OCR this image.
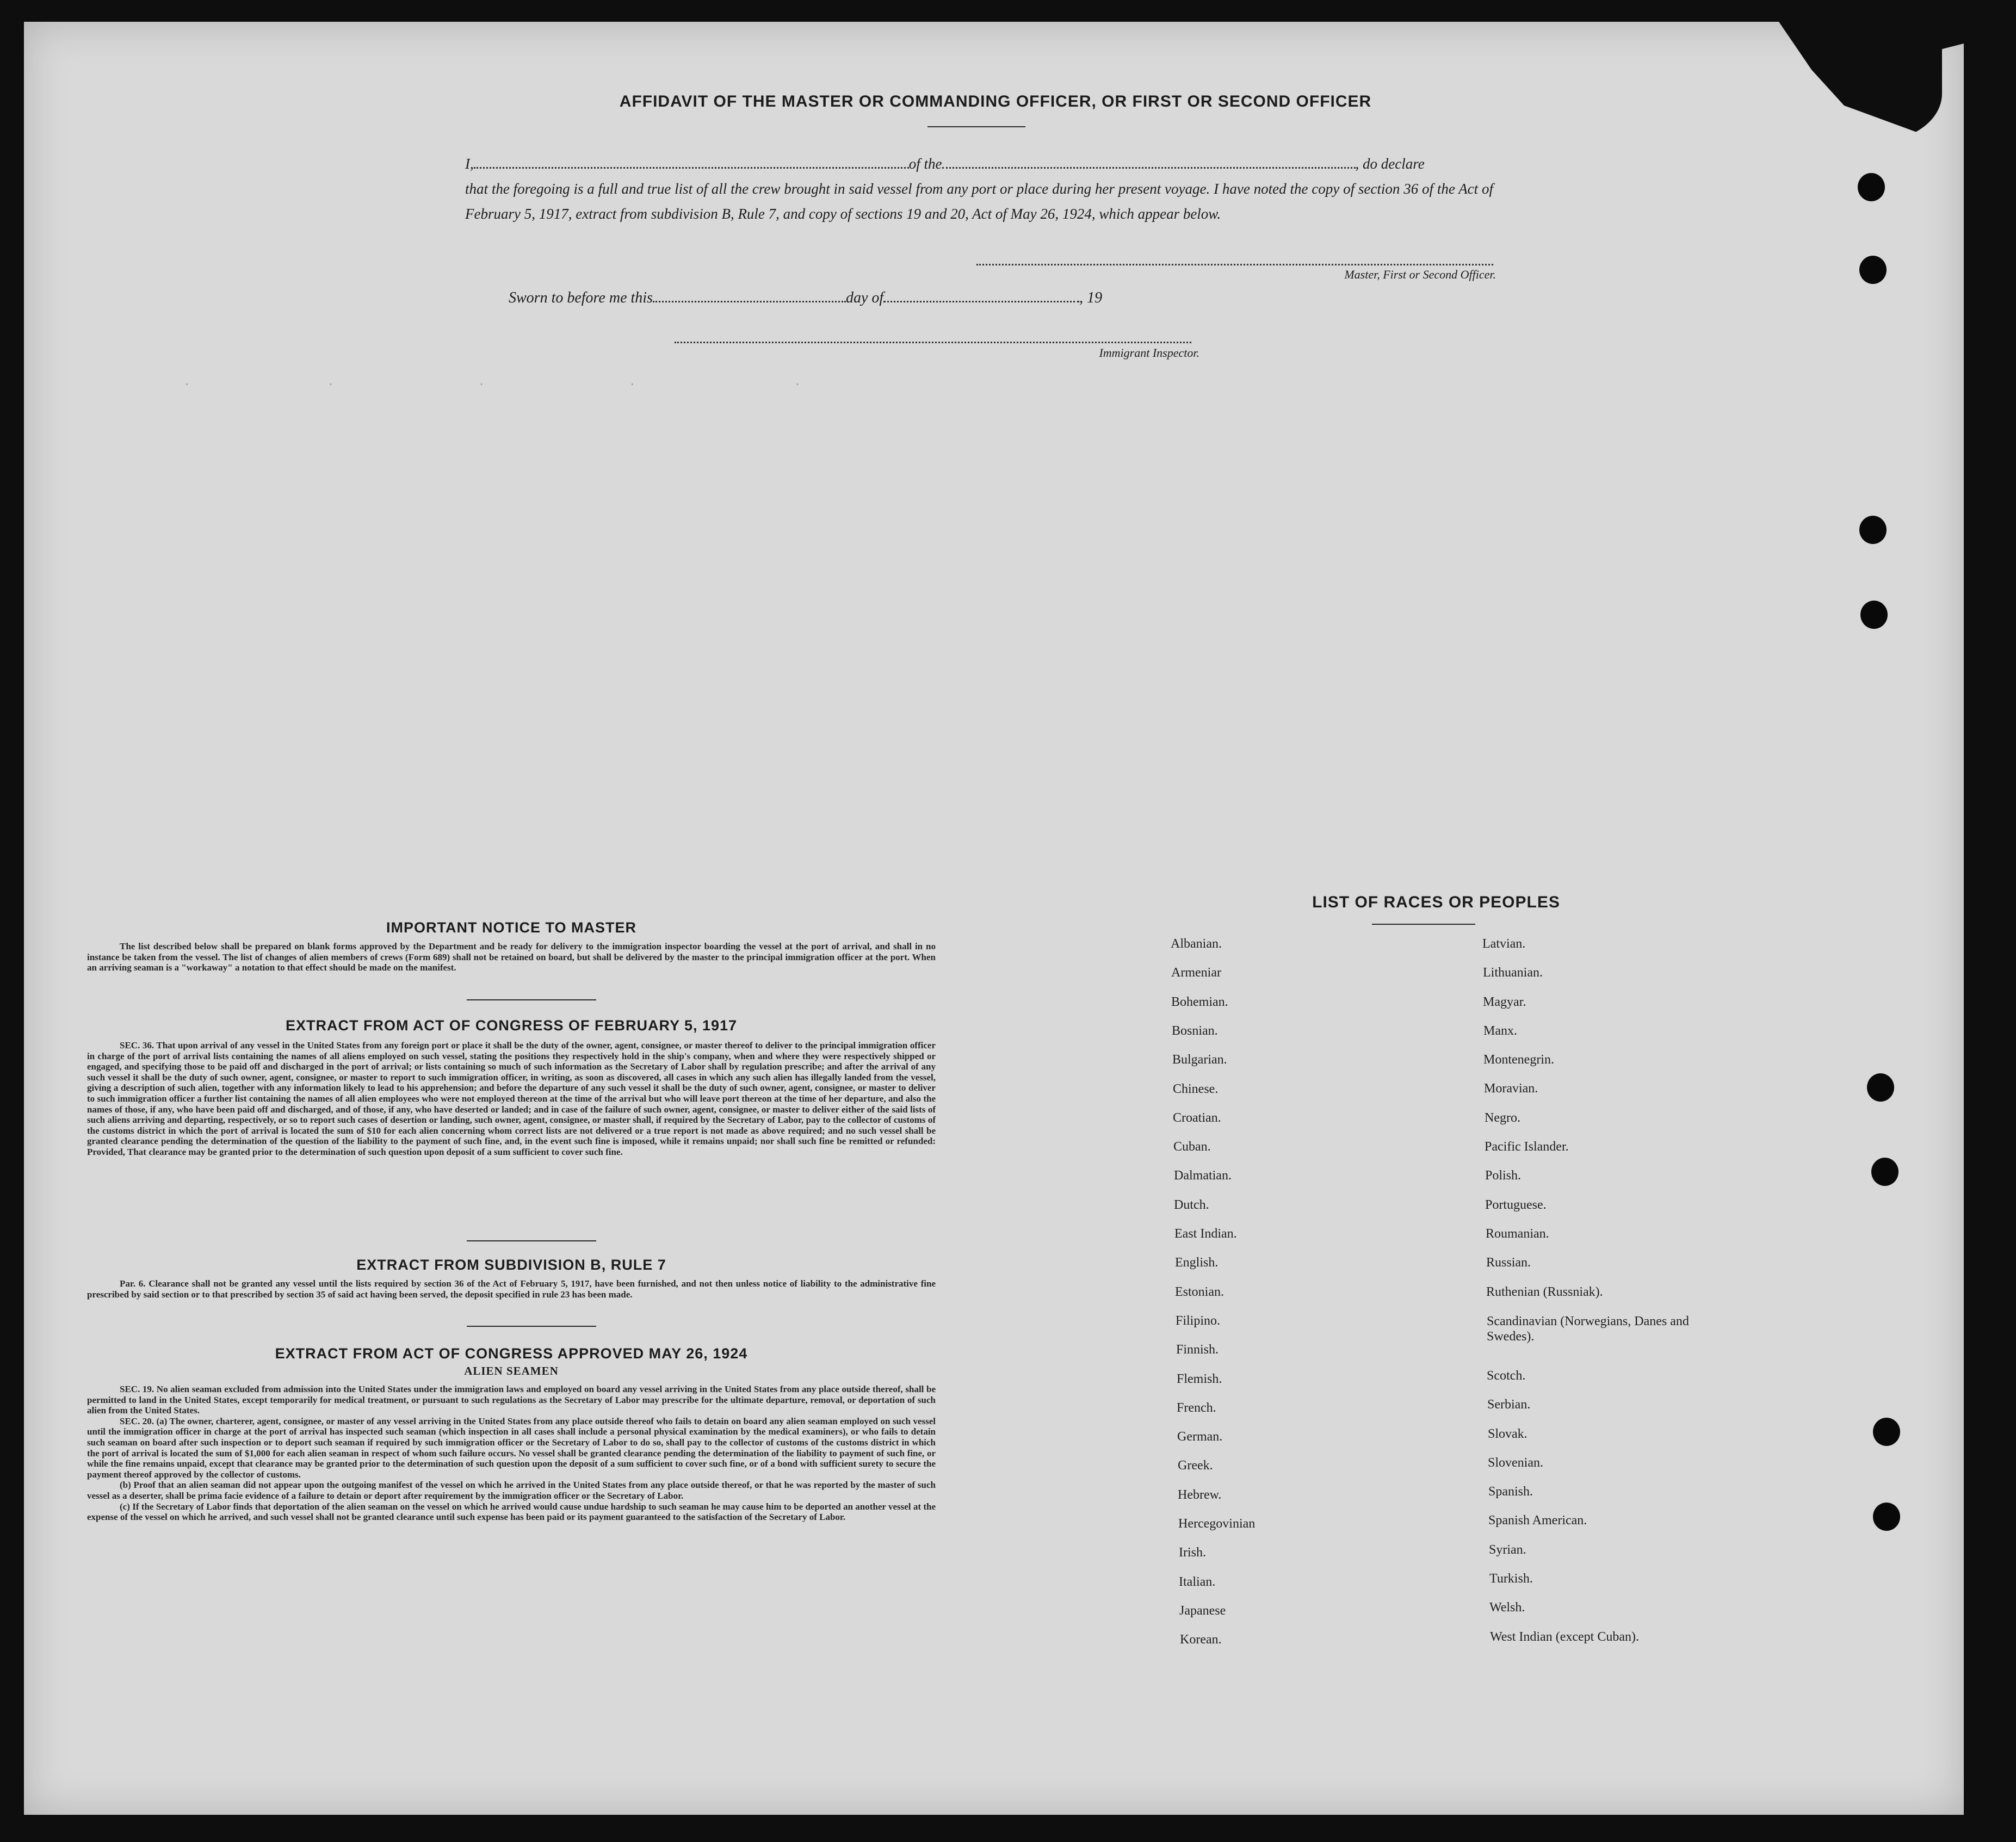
.                   .                    .                    .                      .
AFFIDAVIT OF THE MASTER OR COMMANDING OFFICER, OR FIRST OR SECOND OFFICER

I,	of the	, do declare

that the foregoing is a full and true list of all the crew brought in said vessel from any port or place during her present voyage. I have noted the copy of section 36 of the Act of February 5, 1917, extract from subdivision B, Rule 7, and copy of sections 19 and 20, Act of May 26, 1924, which appear below.

Master, First or Second Officer.
Sworn to before me this	day of	, 19
Immigrant Inspector.
IMPORTANT NOTICE TO MASTER

The list described below shall be prepared on blank forms approved by the Department and be ready for delivery to the immigration inspector boarding the vessel at the port of arrival, and shall in no instance be taken from the vessel. The list of changes of alien members of crews (Form 689) shall not be retained on board, but shall be delivered by the master to the principal immigration officer at the port. When an arriving seaman is a "workaway" a notation to that effect should be made on the manifest.

EXTRACT FROM ACT OF CONGRESS OF FEBRUARY 5, 1917

SEC. 36. That upon arrival of any vessel in the United States from any foreign port or place it shall be the duty of the owner, agent, consignee, or master thereof to deliver to the principal immigration officer in charge of the port of arrival lists containing the names of all aliens employed on such vessel, stating the positions they respectively hold in the ship's company, when and where they were respectively shipped or engaged, and specifying those to be paid off and discharged in the port of arrival; or lists containing so much of such information as the Secretary of Labor shall by regulation prescribe; and after the arrival of any such vessel it shall be the duty of such owner, agent, consignee, or master to report to such immigration officer, in writing, as soon as discovered, all cases in which any such alien has illegally landed from the vessel, giving a description of such alien, together with any information likely to lead to his apprehension; and before the departure of any such vessel it shall be the duty of such owner, agent, consignee, or master to deliver to such immigration officer a further list containing the names of all alien employees who were not employed thereon at the time of the arrival but who will leave port thereon at the time of her departure, and also the names of those, if any, who have been paid off and discharged, and of those, if any, who have deserted or landed; and in case of the failure of such owner, agent, consignee, or master to deliver either of the said lists of such aliens arriving and departing, respectively, or so to report such cases of desertion or landing, such owner, agent, consignee, or master shall, if required by the Secretary of Labor, pay to the collector of customs of the customs district in which the port of arrival is located the sum of $10 for each alien concerning whom correct lists are not delivered or a true report is not made as above required; and no such vessel shall be granted clearance pending the determination of the question of the liability to the payment of such fine, and, in the event such fine is imposed, while it remains unpaid; nor shall such fine be remitted or refunded: Provided, That clearance may be granted prior to the determination of such question upon deposit of a sum sufficient to cover such fine.

EXTRACT FROM SUBDIVISION B, RULE 7

Par. 6. Clearance shall not be granted any vessel until the lists required by section 36 of the Act of February 5, 1917, have been furnished, and not then unless notice of liability to the administrative fine prescribed by said section or to that prescribed by section 35 of said act having been served, the deposit specified in rule 23 has been made.

EXTRACT FROM ACT OF CONGRESS APPROVED MAY 26, 1924
ALIEN SEAMEN

SEC. 19. No alien seaman excluded from admission into the United States under the immigration laws and employed on board any vessel arriving in the United States from any place outside thereof, shall be permitted to land in the United States, except temporarily for medical treatment, or pursuant to such regulations as the Secretary of Labor may prescribe for the ultimate departure, removal, or deportation of such alien from the United States.

SEC. 20. (a) The owner, charterer, agent, consignee, or master of any vessel arriving in the United States from any place outside thereof who fails to detain on board any alien seaman employed on such vessel until the immigration officer in charge at the port of arrival has inspected such seaman (which inspection in all cases shall include a personal physical examination by the medical examiners), or who fails to detain such seaman on board after such inspection or to deport such seaman if required by such immigration officer or the Secretary of Labor to do so, shall pay to the collector of customs of the customs district in which the port of arrival is located the sum of $1,000 for each alien seaman in respect of whom such failure occurs. No vessel shall be granted clearance pending the determination of the liability to payment of such fine, or while the fine remains unpaid, except that clearance may be granted prior to the determination of such question upon the deposit of a sum sufficient to cover such fine, or of a bond with sufficient surety to secure the payment thereof approved by the collector of customs.

(b) Proof that an alien seaman did not appear upon the outgoing manifest of the vessel on which he arrived in the United States from any place outside thereof, or that he was reported by the master of such vessel as a deserter, shall be prima facie evidence of a failure to detain or deport after requirement by the immigration officer or the Secretary of Labor.

(c) If the Secretary of Labor finds that deportation of the alien seaman on the vessel on which he arrived would cause undue hardship to such seaman he may cause him to be deported an another vessel at the expense of the vessel on which he arrived, and such vessel shall not be granted clearance until such expense has been paid or its payment guaranteed to the satisfaction of the Secretary of Labor.

LIST OF RACES OR PEOPLES
Albanian.
Armeniar
Bohemian.
Bosnian.
Bulgarian.
Chinese.
Croatian.
Cuban.
Dalmatian.
Dutch.
East Indian.
English.
Estonian.
Filipino.
Finnish.
Flemish.
French.
German.
Greek.
Hebrew.
Hercegovinian
Irish.
Italian.
Japanese
Korean.
Latvian.
Lithuanian.
Magyar.
Manx.
Montenegrin.
Moravian.
Negro.
Pacific Islander.
Polish.
Portuguese.
Roumanian.
Russian.
Ruthenian (Russniak).
Scandinavian (Norwegians, Danes and Swedes).
Scotch.
Serbian.
Slovak.
Slovenian.
Spanish.
Spanish American.
Syrian.
Turkish.
Welsh.
West Indian (except Cuban).
